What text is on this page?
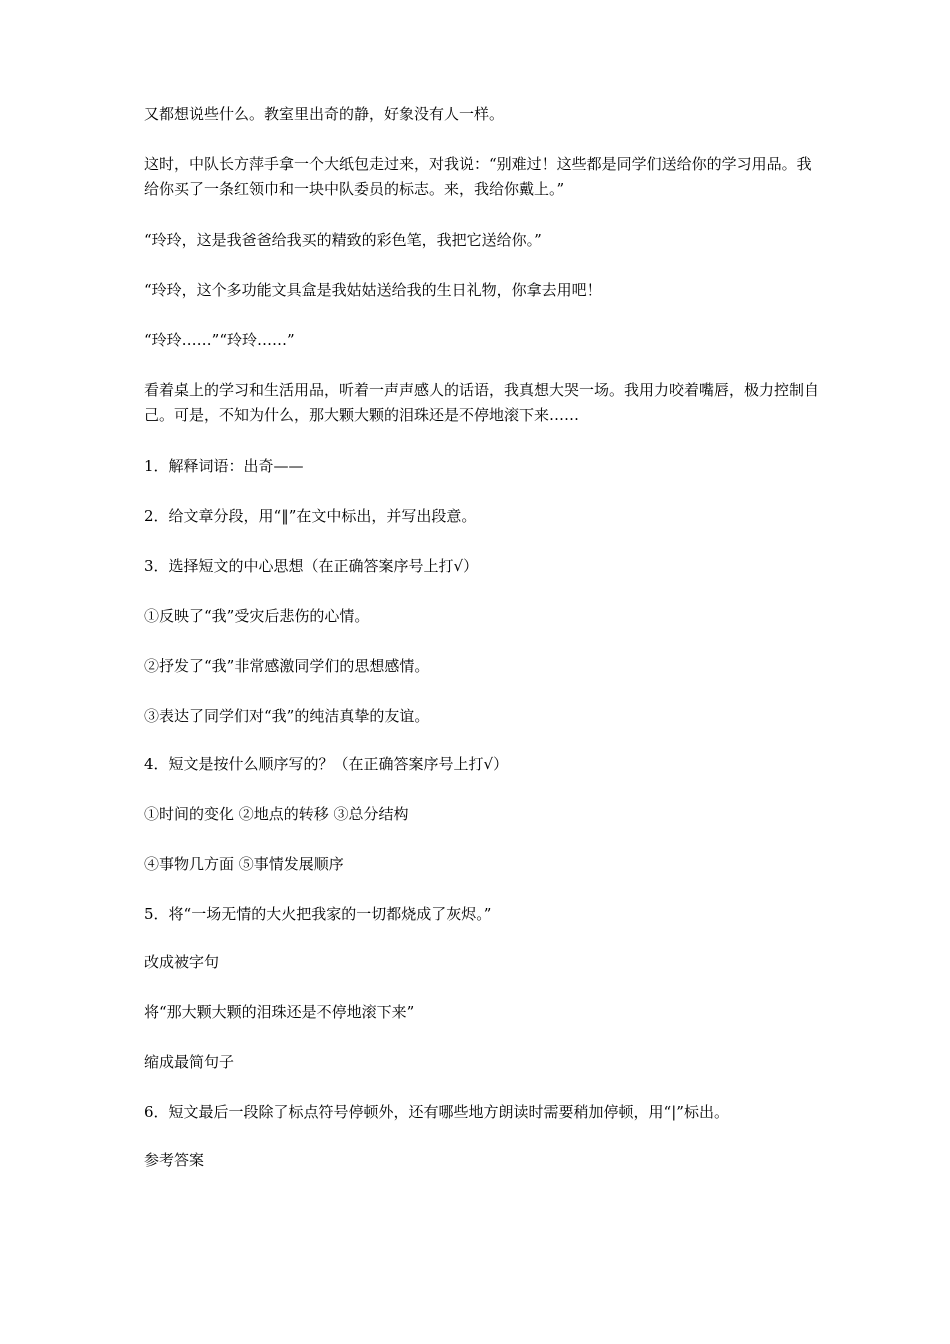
又都想说些什么。教室里出奇的静，好象没有人一样。

这时，中队长方萍手拿一个大纸包走过来，对我说：“别难过！这些都是同学们送给你的学习用品。我给你买了一条红领巾和一块中队委员的标志。来，我给你戴上。”

“玲玲，这是我爸爸给我买的精致的彩色笔，我把它送给你。”

“玲玲，这个多功能文具盒是我姑姑送给我的生日礼物，你拿去用吧！

“玲玲……”“玲玲……”

看着桌上的学习和生活用品，听着一声声感人的话语，我真想大哭一场。我用力咬着嘴唇，极力控制自己。可是，不知为什么，那大颗大颗的泪珠还是不停地滚下来……

1．解释词语：出奇——

2．给文章分段，用“‖”在文中标出，并写出段意。

3．选择短文的中心思想（在正确答案序号上打√）

①反映了“我”受灾后悲伤的心情。

②抒发了“我”非常感激同学们的思想感情。

③表达了同学们对“我”的纯洁真挚的友谊。

4．短文是按什么顺序写的？（在正确答案序号上打√）

①时间的变化 ②地点的转移 ③总分结构

④事物几方面 ⑤事情发展顺序

5．将“一场无情的大火把我家的一切都烧成了灰烬。”

改成被字句

将“那大颗大颗的泪珠还是不停地滚下来”

缩成最简句子

6．短文最后一段除了标点符号停顿外，还有哪些地方朗读时需要稍加停顿，用“|”标出。

参考答案
